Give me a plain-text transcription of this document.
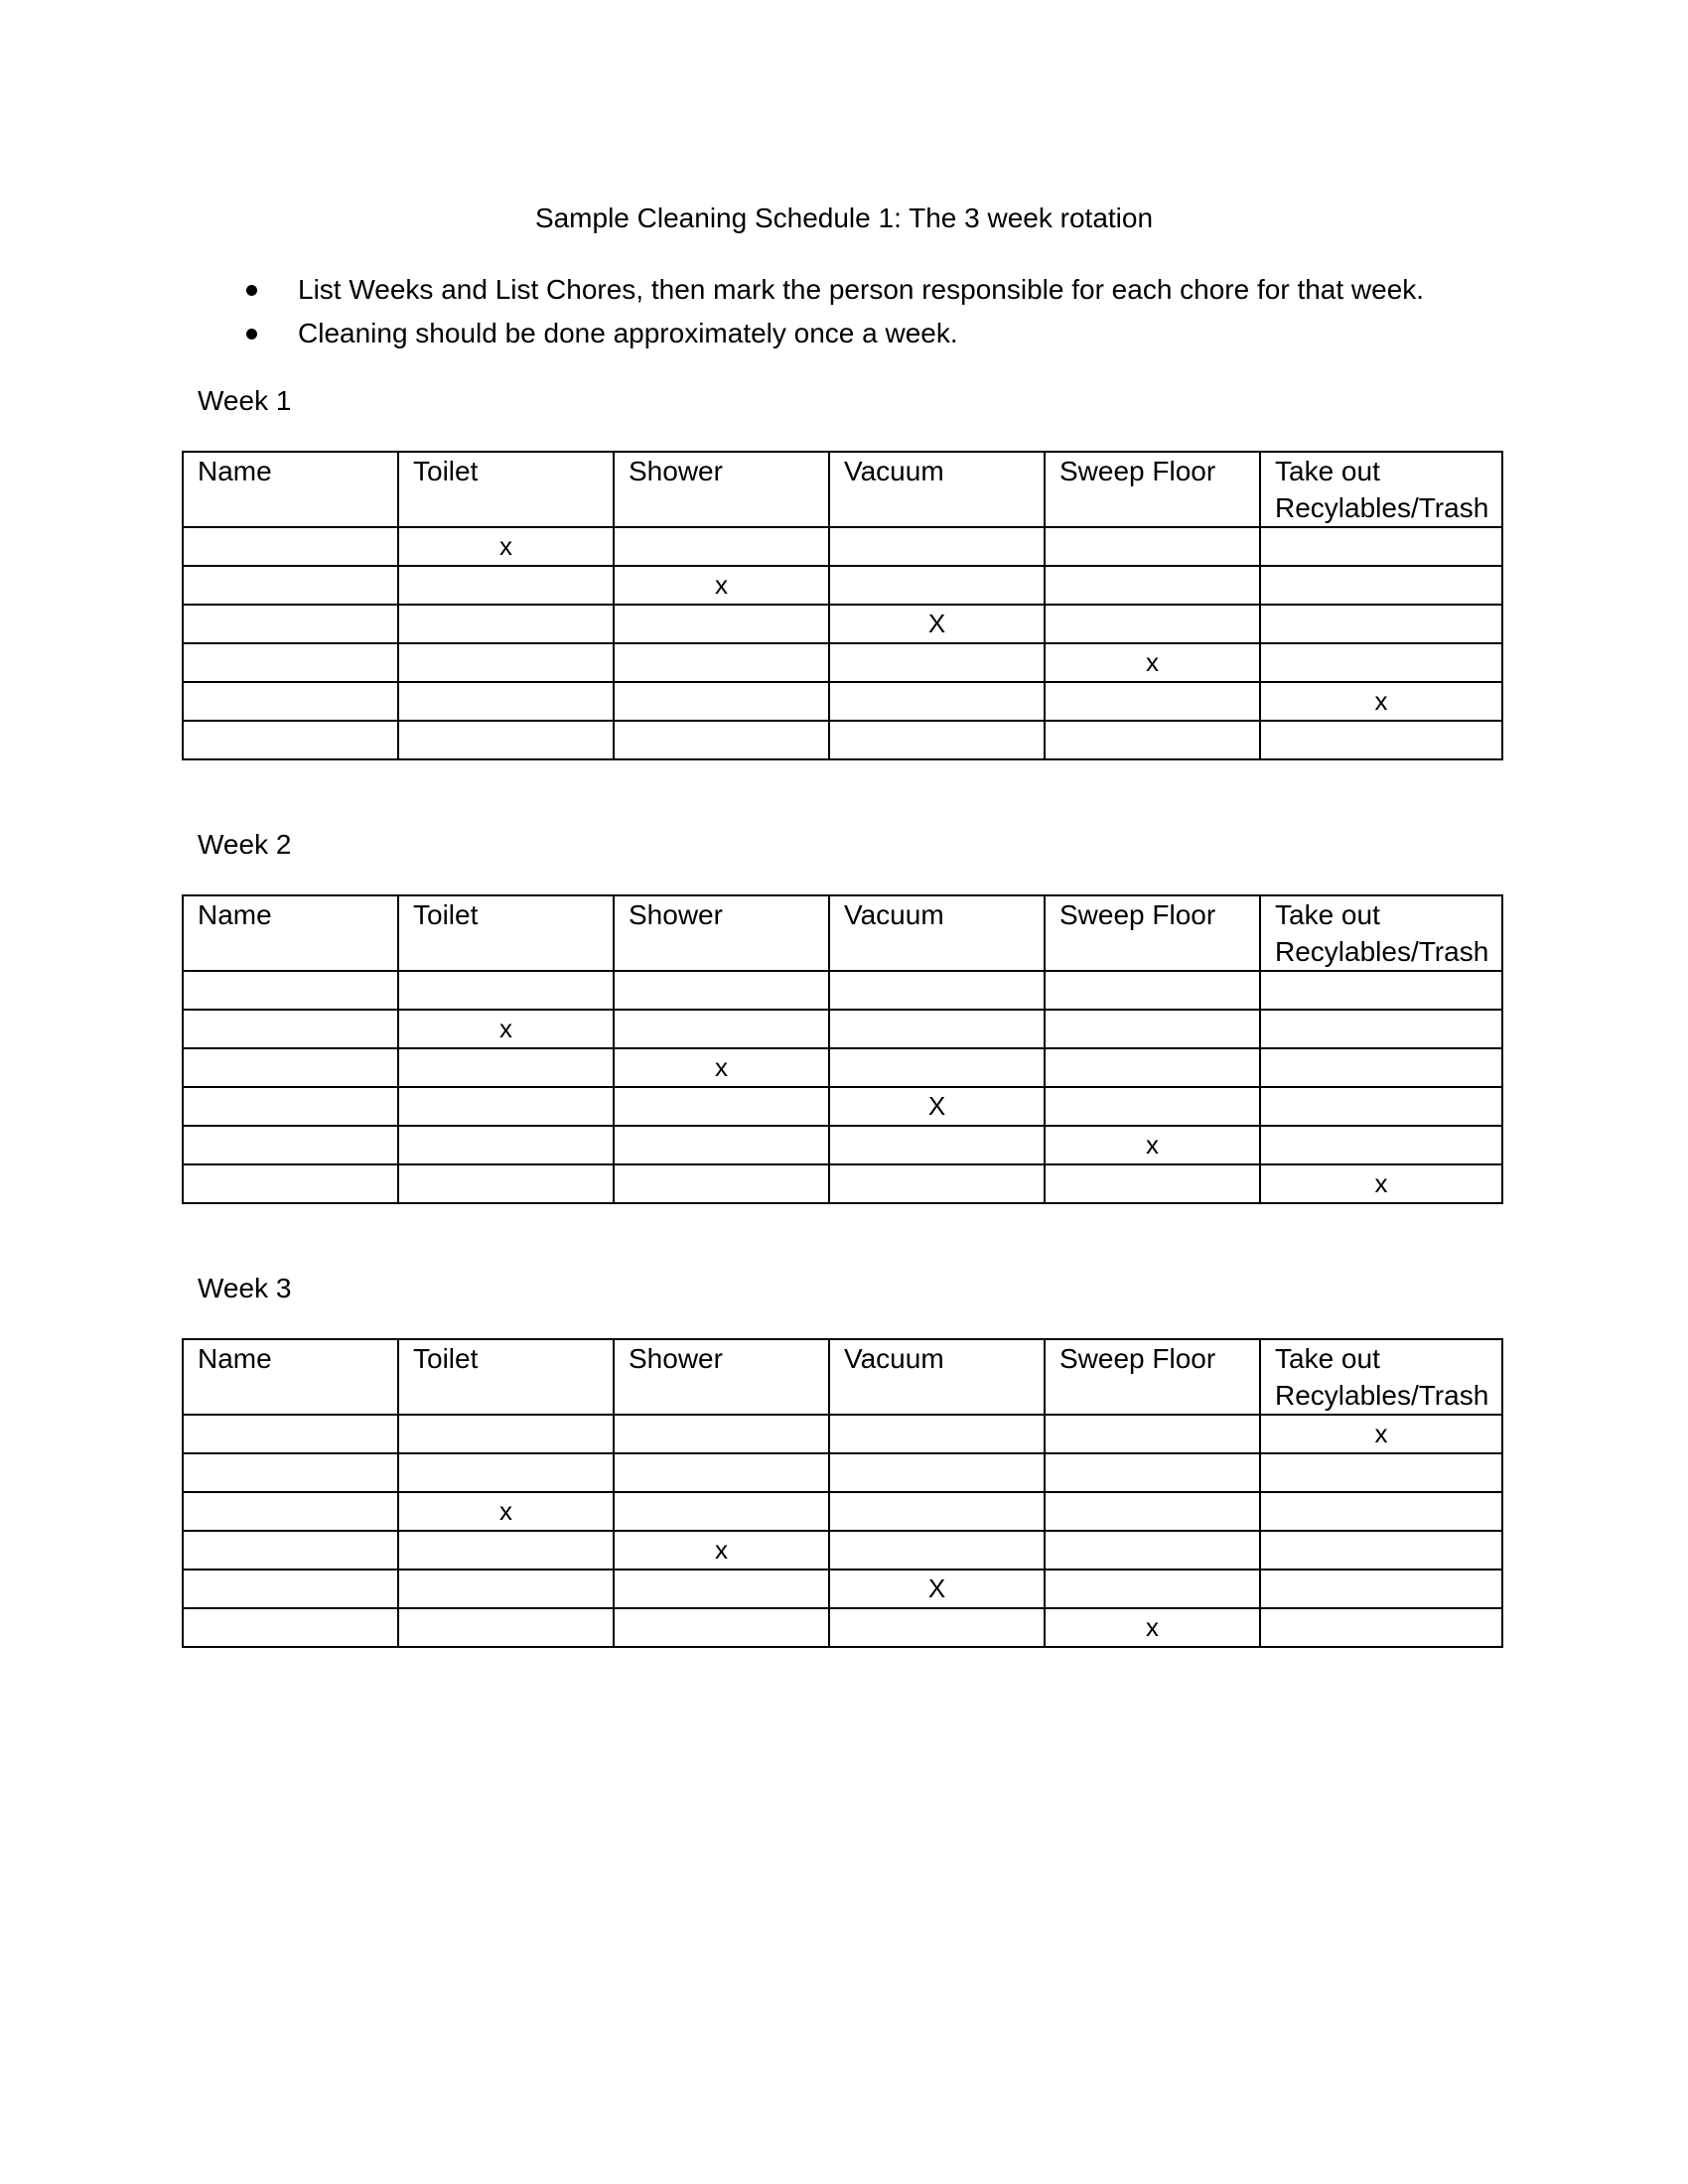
Sample Cleaning Schedule 1: The 3 week rotation
List Weeks and List Chores, then mark the person responsible for each chore for that week.
Cleaning should be done approximately once a week.
Week 1
Name	Toilet	Shower	Vacuum	Sweep Floor	Take out Recylables/Trash
	x				
		x			
			X		
				x	
					x

Week 2
Name	Toilet	Shower	Vacuum	Sweep Floor	Take out Recylables/Trash

	x				
		x			
			X		
				x	
					x
Week 3
Name	Toilet	Shower	Vacuum	Sweep Floor	Take out Recylables/Trash
					x

	x				
		x			
			X		
				x	
